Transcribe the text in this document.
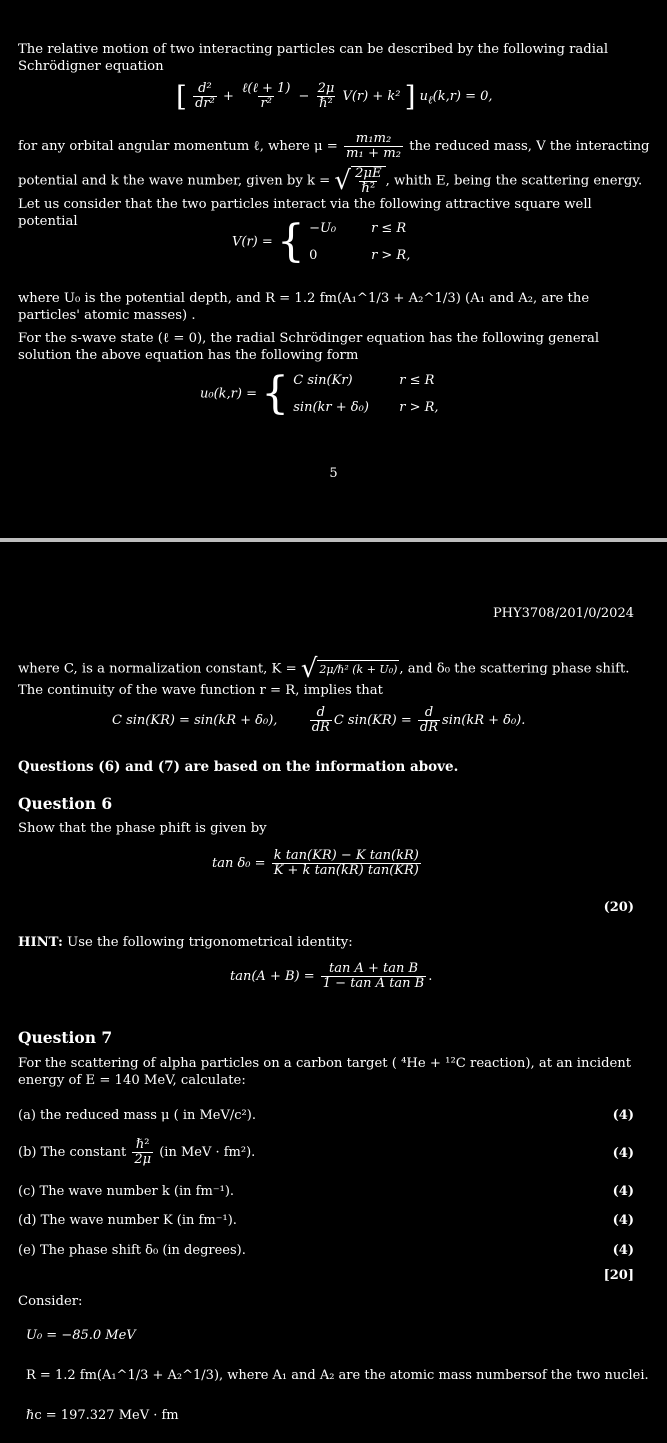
The relative motion of two interacting particles can be described by the following radial Schrödigner equation

[ $\frac{\text{d²}}{\text{dr²}} + \frac{\text{ℓ(ℓ + 1)}}{\text{r²}} - \frac{2\mu}{\text{ℏ²}} V(r) + k^2$ ] $u_\ell(k,r) = 0$,
for any orbital angular momentum ℓ, where $\mu = \frac{\text{m₁m₂}}{\text{m₁ + m₂}}$ the reduced mass, V the interacting
potential and k the wave number, given by k = √ $\frac{2\mu E}{\text{ℏ²}}$ , whith E, being the scattering energy.

Let us consider that the two particles interact via the following attractive square well potential

V(r) = { −U₀	r ≤ R
0	r > R,

where U₀ is the potential depth, and R = 1.2 fm(A₁^1/3 + A₂^1/3) (A₁ and A₂, are the particles' atomic masses) .

For the s-wave state (ℓ = 0), the radial Schrödinger equation has the following general solution the above equation has the following form

u₀(k,r) = { C sin(Kr)	r ≤ R
sin(kr + δ₀) r > R,
5
PHY3708/201/0/2024
where C, is a normalization constant, K = √ 2μ/ℏ² (k + U₀) , and δ₀ the scattering phase shift. The continuity of the wave function r = R, implies that
C sin(KR) = sin(kR + δ₀), $\frac{d}{dR}$ C $\sin(KR) = \frac{d}{dR} \sin(kR + \delta_0)$.

Questions (6) and (7) are based on the information above.

Question 6

Show that the phase phift is given by

$\tan \delta_0 = \frac{\text{k tan(KR) − K tan(kR)}}{\text{K + k tan(kR) tan(KR)}}$
(20)

HINT: Use the following trigonometrical identity:

$\tan(A + B) = \frac{\text{tan A + tan B}}{\text{1 − tan A tan B}}$ .

Question 7

For the scattering of alpha particles on a carbon target ( ⁴He + ¹²C reaction), at an incident energy of E = 140 MeV, calculate:

(a) the reduced mass μ ( in MeV/c²).	(4)
(b) The constant $\frac{\text{ℏ²}}{2\mu} (in$ MeV · fm²).	(4)
(c) The wave number k (in fm⁻¹).	(4)
(d) The wave number K (in fm⁻¹).	(4)
(e) The phase shift δ₀ (in degrees).	(4)
[20]

Consider:

U₀ = −85.0 MeV
R = 1.2 fm(A₁^1/3 + A₂^1/3), where A₁ and A₂ are the atomic mass numbersof the two nuclei.
ℏc = 197.327 MeV · fm
